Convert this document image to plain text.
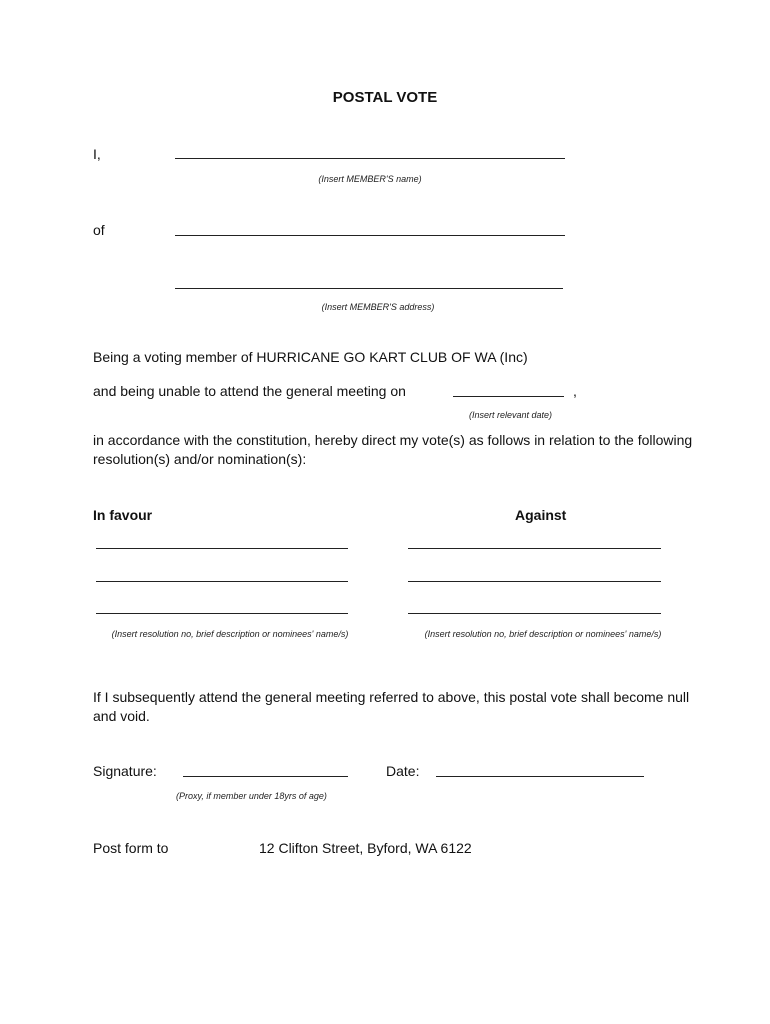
POSTAL VOTE
I,
(Insert MEMBER'S name)
of
(Insert MEMBER'S address)
Being a voting member of HURRICANE GO KART CLUB OF WA (Inc)
and being unable to attend the general meeting on	,
(Insert relevant date)
in accordance with the constitution, hereby direct my vote(s) as follows in relation to the following resolution(s) and/or nomination(s):
In favour	Against
(Insert resolution no, brief description or nominees' name/s)	(Insert resolution no, brief description or nominees' name/s)
If I subsequently attend the general meeting referred to above, this postal vote shall become null and void.
Signature:
(Proxy, if member under 18yrs of age)
Date:
Post form to	12 Clifton Street, Byford, WA 6122
